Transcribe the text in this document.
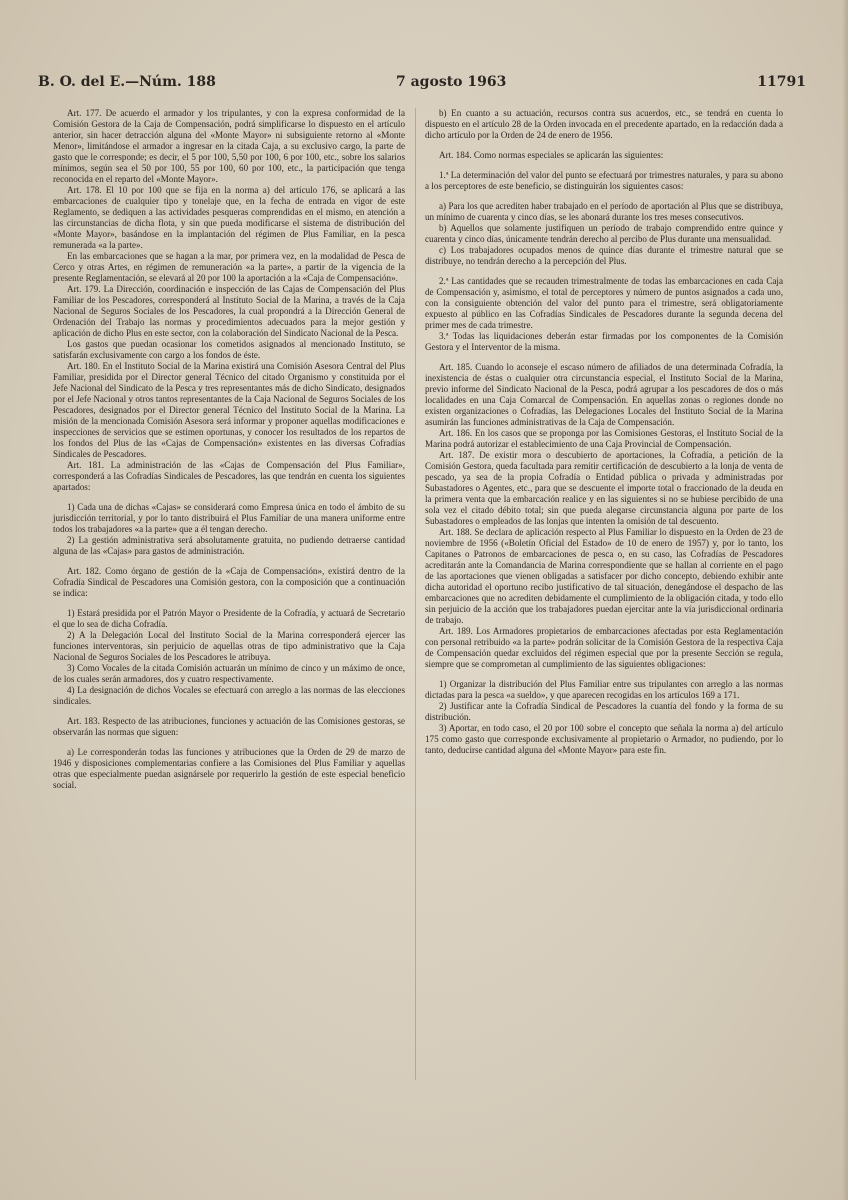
B. O. del E.—Núm. 188	7 agosto 1963	11791

Art. 177. De acuerdo el armador y los tripulantes, y con la expresa conformidad de la Comisión Gestora de la Caja de Compensación, podrá simplificarse lo dispuesto en el artículo anterior, sin hacer detracción alguna del «Monte Mayor» ni subsiguiente retorno al «Monte Menor», limitándose el armador a ingresar en la citada Caja, a su exclusivo cargo, la parte de gasto que le corresponde; es decir, el 5 por 100, 5,50 por 100, 6 por 100, etc., sobre los salarios mínimos, según sea el 50 por 100, 55 por 100, 60 por 100, etc., la participación que tenga reconocida en el reparto del «Monte Mayor».

Art. 178. El 10 por 100 que se fija en la norma a) del artículo 176, se aplicará a las embarcaciones de cualquier tipo y tonelaje que, en la fecha de entrada en vigor de este Reglamento, se dediquen a las actividades pesqueras comprendidas en el mismo, en atención a las circunstancias de dicha flota, y sin que pueda modificarse el sistema de distribución del «Monte Mayor», basándose en la implantación del régimen de Plus Familiar, en la pesca remunerada «a la parte».

En las embarcaciones que se hagan a la mar, por primera vez, en la modalidad de Pesca de Cerco y otras Artes, en régimen de remuneración «a la parte», a partir de la vigencia de la presente Reglamentación, se elevará al 20 por 100 la aportación a la «Caja de Compensación».

Art. 179. La Dirección, coordinación e inspección de las Cajas de Compensación del Plus Familiar de los Pescadores, corresponderá al Instituto Social de la Marina, a través de la Caja Nacional de Seguros Sociales de los Pescadores, la cual propondrá a la Dirección General de Ordenación del Trabajo las normas y procedimientos adecuados para la mejor gestión y aplicación de dicho Plus en este sector, con la colaboración del Sindicato Nacional de la Pesca.

Los gastos que puedan ocasionar los cometidos asignados al mencionado Instituto, se satisfarán exclusivamente con cargo a los fondos de éste.

Art. 180. En el Instituto Social de la Marina existirá una Comisión Asesora Central del Plus Familiar, presidida por el Director general Técnico del citado Organismo y constituida por el Jefe Nacional del Sindicato de la Pesca y tres representantes más de dicho Sindicato, designados por el Jefe Nacional y otros tantos representantes de la Caja Nacional de Seguros Sociales de los Pescadores, designados por el Director general Técnico del Instituto Social de la Marina. La misión de la mencionada Comisión Asesora será informar y proponer aquellas modificaciones e inspecciones de servicios que se estimen oportunas, y conocer los resultados de los repartos de los fondos del Plus de las «Cajas de Compensación» existentes en las diversas Cofradías Sindicales de Pescadores.

Art. 181. La administración de las «Cajas de Compensación del Plus Familiar», corresponderá a las Cofradías Sindicales de Pescadores, las que tendrán en cuenta los siguientes apartados:

1) Cada una de dichas «Cajas» se considerará como Empresa única en todo el ámbito de su jurisdicción territorial, y por lo tanto distribuirá el Plus Familiar de una manera uniforme entre todos los trabajadores «a la parte» que a él tengan derecho.

2) La gestión administrativa será absolutamente gratuita, no pudiendo detraerse cantidad alguna de las «Cajas» para gastos de administración.

Art. 182. Como órgano de gestión de la «Caja de Compensación», existirá dentro de la Cofradía Sindical de Pescadores una Comisión gestora, con la composición que a continuación se indica:

1) Estará presidida por el Patrón Mayor o Presidente de la Cofradía, y actuará de Secretario el que lo sea de dicha Cofradía.

2) A la Delegación Local del Instituto Social de la Marina corresponderá ejercer las funciones interventoras, sin perjuicio de aquellas otras de tipo administrativo que la Caja Nacional de Seguros Sociales de los Pescadores le atribuya.

3) Como Vocales de la citada Comisión actuarán un mínimo de cinco y un máximo de once, de los cuales serán armadores, dos y cuatro respectivamente.

4) La designación de dichos Vocales se efectuará con arreglo a las normas de las elecciones sindicales.

Art. 183. Respecto de las atribuciones, funciones y actuación de las Comisiones gestoras, se observarán las normas que siguen:

a) Le corresponderán todas las funciones y atribuciones que la Orden de 29 de marzo de 1946 y disposiciones complementarias confiere a las Comisiones del Plus Familiar y aquellas otras que especialmente puedan asignársele por requerirlo la gestión de este especial beneficio social.

b) En cuanto a su actuación, recursos contra sus acuerdos, etc., se tendrá en cuenta lo dispuesto en el artículo 28 de la Orden invocada en el precedente apartado, en la redacción dada a dicho artículo por la Orden de 24 de enero de 1956.

Art. 184. Como normas especiales se aplicarán las siguientes:

1.ª La determinación del valor del punto se efectuará por trimestres naturales, y para su abono a los perceptores de este beneficio, se distinguirán los siguientes casos:

a) Para los que acrediten haber trabajado en el período de aportación al Plus que se distribuya, un mínimo de cuarenta y cinco días, se les abonará durante los tres meses consecutivos.

b) Aquellos que solamente justifiquen un período de trabajo comprendido entre quince y cuarenta y cinco días, únicamente tendrán derecho al percibo de Plus durante una mensualidad.

c) Los trabajadores ocupados menos de quince días durante el trimestre natural que se distribuye, no tendrán derecho a la percepción del Plus.

2.ª Las cantidades que se recauden trimestralmente de todas las embarcaciones en cada Caja de Compensación y, asimismo, el total de perceptores y número de puntos asignados a cada uno, con la consiguiente obtención del valor del punto para el trimestre, será obligatoriamente expuesto al público en las Cofradías Sindicales de Pescadores durante la segunda decena del primer mes de cada trimestre.

3.ª Todas las liquidaciones deberán estar firmadas por los componentes de la Comisión Gestora y el Interventor de la misma.

Art. 185. Cuando lo aconseje el escaso número de afiliados de una determinada Cofradía, la inexistencia de éstas o cualquier otra circunstancia especial, el Instituto Social de la Marina, previo informe del Sindicato Nacional de la Pesca, podrá agrupar a los pescadores de dos o más localidades en una Caja Comarcal de Compensación. En aquellas zonas o regiones donde no existen organizaciones o Cofradías, las Delegaciones Locales del Instituto Social de la Marina asumirán las funciones administrativas de la Caja de Compensación.

Art. 186. En los casos que se proponga por las Comisiones Gestoras, el Instituto Social de la Marina podrá autorizar el establecimiento de una Caja Provincial de Compensación.

Art. 187. De existir mora o descubierto de aportaciones, la Cofradía, a petición de la Comisión Gestora, queda facultada para remitir certificación de descubierto a la lonja de venta de pescado, ya sea de la propia Cofradía o Entidad pública o privada y administradas por Subastadores o Agentes, etc., para que se descuente el importe total o fraccionado de la deuda en la primera venta que la embarcación realice y en las siguientes si no se hubiese percibido de una sola vez el citado débito total; sin que pueda alegarse circunstancia alguna por parte de los Subastadores o empleados de las lonjas que intenten la omisión de tal descuento.

Art. 188. Se declara de aplicación respecto al Plus Familiar lo dispuesto en la Orden de 23 de noviembre de 1956 («Boletín Oficial del Estado» de 10 de enero de 1957) y, por lo tanto, los Capitanes o Patronos de embarcaciones de pesca o, en su caso, las Cofradías de Pescadores acreditarán ante la Comandancia de Marina correspondiente que se hallan al corriente en el pago de las aportaciones que vienen obligadas a satisfacer por dicho concepto, debiendo exhibir ante dicha autoridad el oportuno recibo justificativo de tal situación, denegándose el despacho de las embarcaciones que no acrediten debidamente el cumplimiento de la obligación citada, y todo ello sin perjuicio de la acción que los trabajadores puedan ejercitar ante la vía jurisdiccional ordinaria de trabajo.

Art. 189. Los Armadores propietarios de embarcaciones afectadas por esta Reglamentación con personal retribuido «a la parte» podrán solicitar de la Comisión Gestora de la respectiva Caja de Compensación quedar excluidos del régimen especial que por la presente Sección se regula, siempre que se comprometan al cumplimiento de las siguientes obligaciones:

1) Organizar la distribución del Plus Familiar entre sus tripulantes con arreglo a las normas dictadas para la pesca «a sueldo», y que aparecen recogidas en los artículos 169 a 171.

2) Justificar ante la Cofradía Sindical de Pescadores la cuantía del fondo y la forma de su distribución.

3) Aportar, en todo caso, el 20 por 100 sobre el concepto que señala la norma a) del artículo 175 como gasto que corresponde exclusivamente al propietario o Armador, no pudiendo, por lo tanto, deducirse cantidad alguna del «Monte Mayor» para este fin.
